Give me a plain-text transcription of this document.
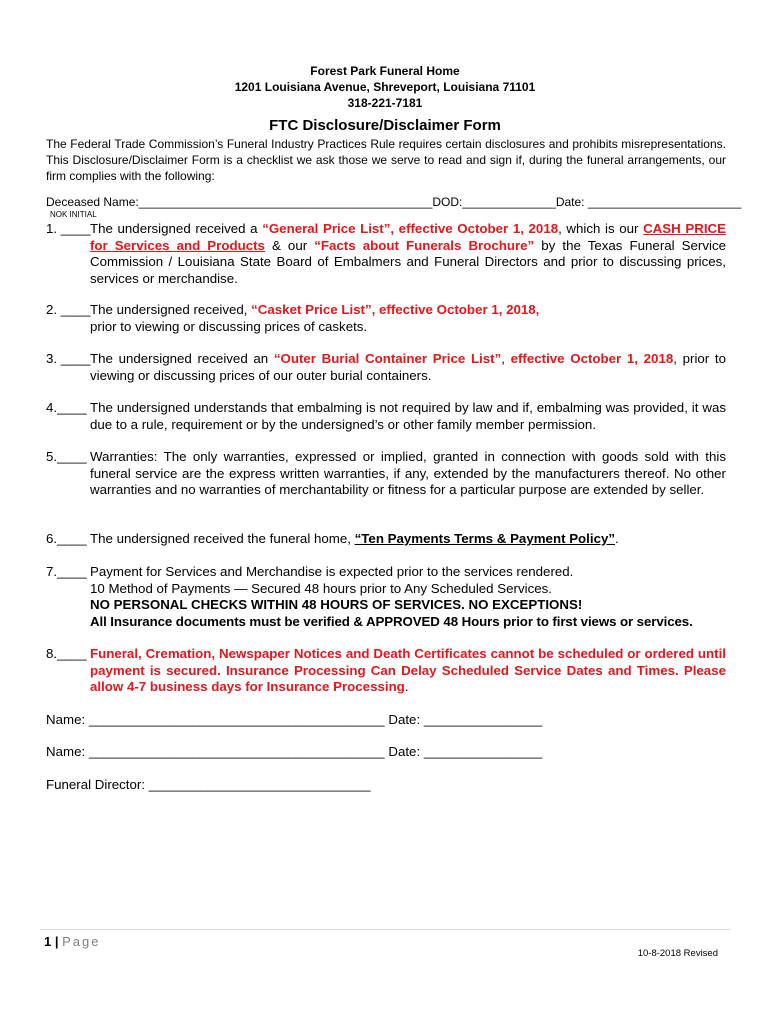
Forest Park Funeral Home
1201 Louisiana Avenue, Shreveport, Louisiana 71101
318-221-7181
FTC Disclosure/Disclaimer Form
The Federal Trade Commission’s Funeral Industry Practices Rule requires certain disclosures and prohibits misrepresentations. This Disclosure/Disclaimer Form is a checklist we ask those we serve to read and sign if, during the funeral arrangements, our firm complies with the following:
Deceased Name:____________________________________________DOD:______________Date: _______________________
NOK INITIAL
1. ____ The undersigned received a “General Price List”, effective October 1, 2018, which is our CASH PRICE for Services and Products & our “Facts about Funerals Brochure” by the Texas Funeral Service Commission / Louisiana State Board of Embalmers and Funeral Directors and prior to discussing prices, services or merchandise.
2. ____ The undersigned received, “Casket Price List”, effective October 1, 2018,
prior to viewing or discussing prices of caskets.
3. ____ The undersigned received an “Outer Burial Container Price List”, effective October 1, 2018, prior to viewing or discussing prices of our outer burial containers.
4.____ The undersigned understands that embalming is not required by law and if, embalming was provided, it was due to a rule, requirement or by the undersigned’s or other family member permission.
5.____ Warranties: The only warranties, expressed or implied, granted in connection with goods sold with this funeral service are the express written warranties, if any, extended by the manufacturers thereof. No other warranties and no warranties of merchantability or fitness for a particular purpose are extended by seller.
6.____ The undersigned received the funeral home, “Ten Payments Terms & Payment Policy”.
7.____ Payment for Services and Merchandise is expected prior to the services rendered.
10 Method of Payments — Secured 48 hours prior to Any Scheduled Services.
NO PERSONAL CHECKS WITHIN 48 HOURS OF SERVICES. NO EXCEPTIONS!
All Insurance documents must be verified & APPROVED 48 Hours prior to first views or services.
8.____ Funeral, Cremation, Newspaper Notices and Death Certificates cannot be scheduled or ordered until payment is secured. Insurance Processing Can Delay Scheduled Service Dates and Times. Please allow 4-7 business days for Insurance Processing.
Name: ________________________________________ Date: ________________
Name: ________________________________________ Date: ________________
Funeral Director: ______________________________
1 | Page
10-8-2018 Revised
